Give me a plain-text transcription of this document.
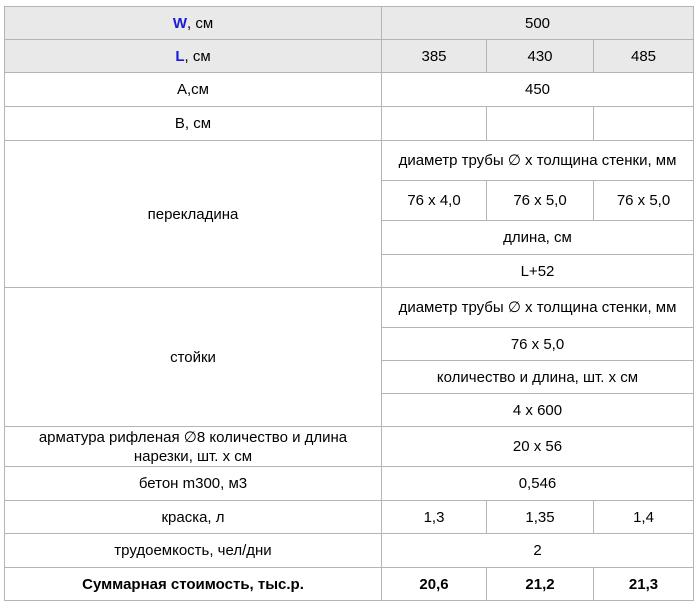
W, см	500		
L, см	385	430	485
А,см	450		
В, см			
перекладина	диаметр трубы ∅ х толщина стенки, мм		
	76 х 4,0	76 х 5,0	76 х 5,0
	длина, см		
	L+52		
стойки	диаметр трубы ∅ х толщина стенки, мм		
	76 х 5,0		
	количество и длина, шт. х см		
	4 х 600		
арматура рифленая ∅8 количество и длина нарезки, шт. х см	20 х 56		
бетон m300, м3	0,546		
краска, л	1,3	1,35	1,4
трудоемкость, чел/дни	2		
Суммарная стоимость, тыс.р.	20,6	21,2	21,3
